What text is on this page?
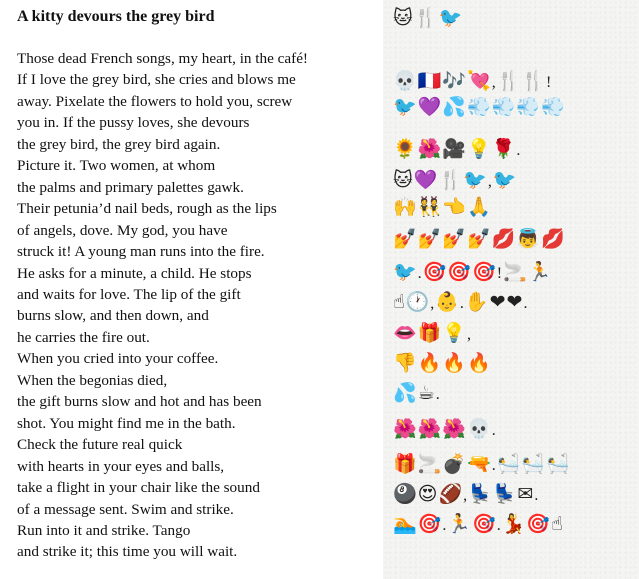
A kitty devours the grey bird
Those dead French songs, my heart, in the café!
If I love the grey bird, she cries and blows me
away. Pixelate the flowers to hold you, screw
you in. If the pussy loves, she devours
the grey bird, the grey bird again.
Picture it. Two women, at whom
the palms and primary palettes gawk.
Their petunia’d nail beds, rough as the lips
of angels, dove. My god, you have
struck it! A young man runs into the fire.
He asks for a minute, a child. He stops
and waits for love. The lip of the gift
burns slow, and then down, and
he carries the fire out.
When you cried into your coffee.
When the begonias died,
the gift burns slow and hot and has been
shot. You might find me in the bath.
Check the future real quick
with hearts in your eyes and balls,
take a flight in your chair like the sound
of a message sent. Swim and strike.
Run into it and strike. Tango
and strike it; this time you will wait.
🐱🍴🐦
💀🇫🇷🎶💘,🍴🍴!
🐦💜💦💨💨💨💨
🌻🌺🎥💡🌹.
🐱💜🍴🐦,🐦
🙌👯👈🙏
💅💅💅💅💋👼💋
🐦.🎯🎯🎯!🚬🏃
☝🕐,👶.✋❤❤.
👄🎁💡,
👎🔥🔥🔥
💦☕.
🌺🌺🌺💀.
🎁🚬💣🔫.🛀🛀🛀
🎱😍🏈,💺💺✉.
🏊🎯.🏃🎯.💃🎯☝
